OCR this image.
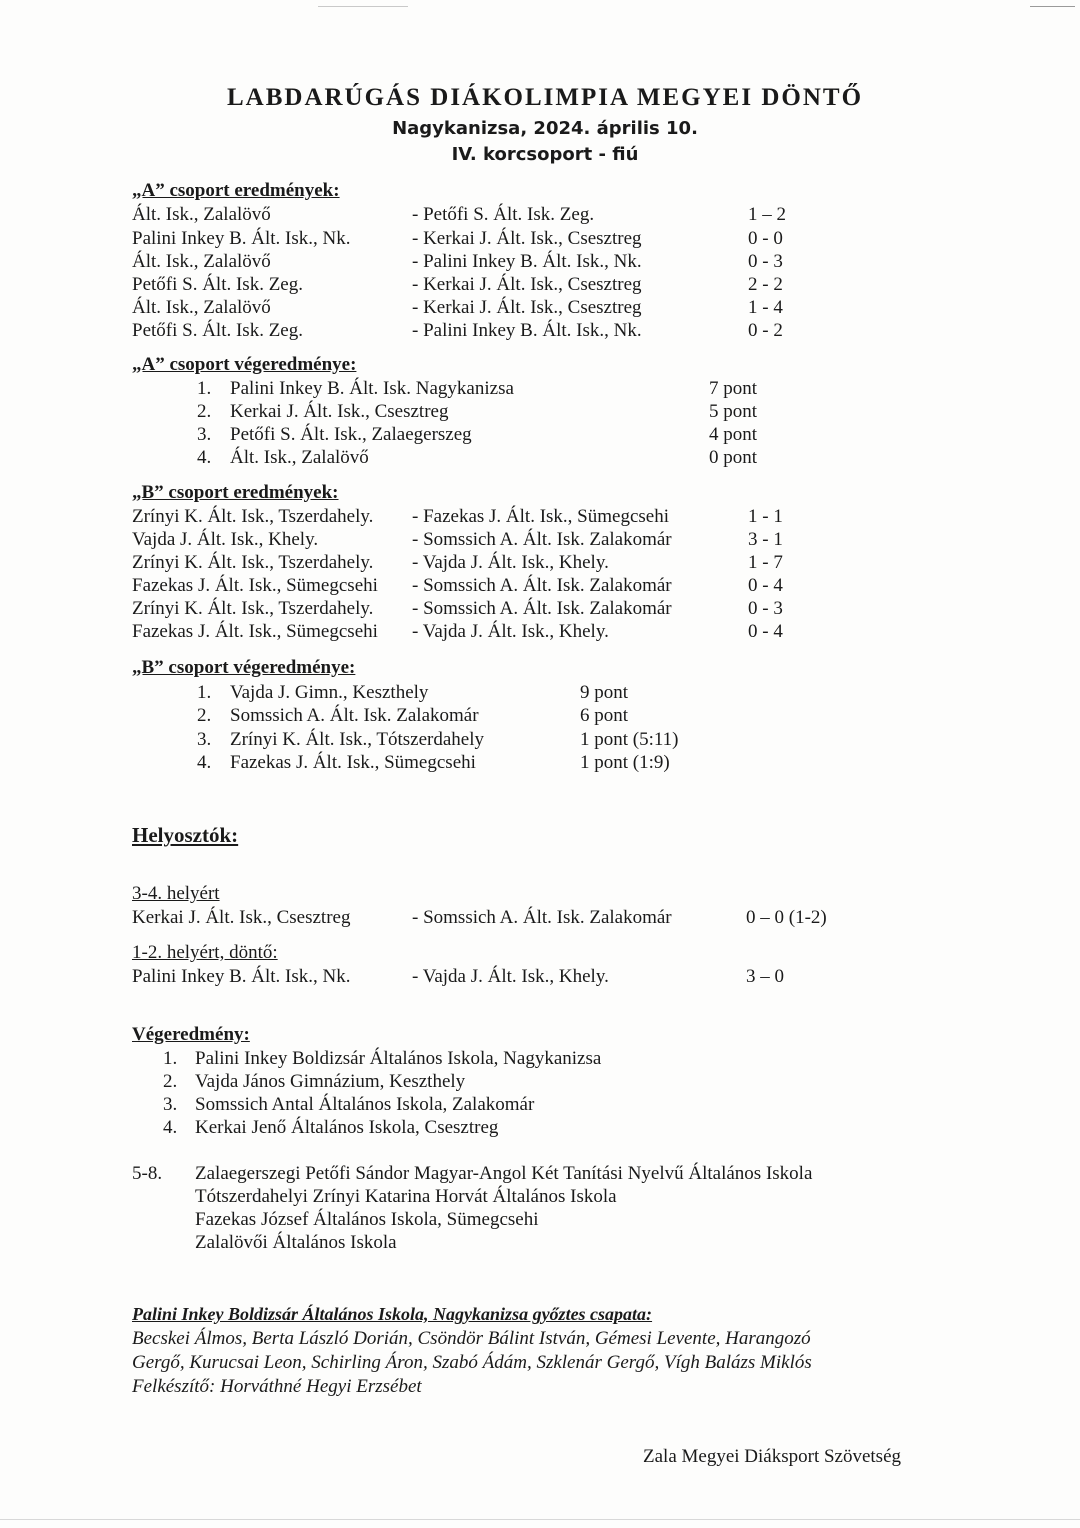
LABDARÚGÁS DIÁKOLIMPIA MEGYEI DÖNTŐ
Nagykanizsa, 2024. április 10.
IV. korcsoport - fiú
„A” csoport eredmények:
Ált. Isk., Zalalövő	- Petőfi S. Ált. Isk. Zeg.	1 – 2
Palini Inkey B. Ált. Isk., Nk.	- Kerkai J. Ált. Isk., Csesztreg	0 - 0
Ált. Isk., Zalalövő	- Palini Inkey B. Ált. Isk., Nk.	0 - 3
Petőfi S. Ált. Isk. Zeg.	- Kerkai J. Ált. Isk., Csesztreg	2 - 2
Ált. Isk., Zalalövő	- Kerkai J. Ált. Isk., Csesztreg	1 - 4
Petőfi S. Ált. Isk. Zeg.	- Palini Inkey B. Ált. Isk., Nk.	0 - 2
„A” csoport végeredménye:
1. Palini Inkey B. Ált. Isk. Nagykanizsa	7 pont
2. Kerkai J. Ált. Isk., Csesztreg	5 pont
3. Petőfi S. Ált. Isk., Zalaegerszeg	4 pont
4. Ált. Isk., Zalalövő	0 pont
„B” csoport eredmények:
Zrínyi K. Ált. Isk., Tszerdahely. - Fazekas J. Ált. Isk., Sümegcsehi	1 - 1
Vajda J. Ált. Isk., Khely.	- Somssich A. Ált. Isk. Zalakomár	3 - 1
Zrínyi K. Ált. Isk., Tszerdahely. - Vajda J. Ált. Isk., Khely.	1 - 7
Fazekas J. Ált. Isk., Sümegcsehi - Somssich A. Ált. Isk. Zalakomár	0 - 4
Zrínyi K. Ált. Isk., Tszerdahely. - Somssich A. Ált. Isk. Zalakomár	0 - 3
Fazekas J. Ált. Isk., Sümegcsehi - Vajda J. Ált. Isk., Khely.	0 - 4
„B” csoport végeredménye:
1. Vajda J. Gimn., Keszthely	9 pont
2. Somssich A. Ált. Isk. Zalakomár	6 pont
3. Zrínyi K. Ált. Isk., Tótszerdahely	1 pont (5:11)
4. Fazekas J. Ált. Isk., Sümegcsehi	1 pont (1:9)
Helyosztók:
3-4. helyért
Kerkai J. Ált. Isk., Csesztreg	- Somssich A. Ált. Isk. Zalakomár	0 – 0 (1-2)
1-2. helyért, döntő:
Palini Inkey B. Ált. Isk., Nk.	- Vajda J. Ált. Isk., Khely.	3 – 0
Végeredmény:
1. Palini Inkey Boldizsár Általános Iskola, Nagykanizsa
2. Vajda János Gimnázium, Keszthely
3. Somssich Antal Általános Iskola, Zalakomár
4. Kerkai Jenő Általános Iskola, Csesztreg
5-8. Zalaegerszegi Petőfi Sándor Magyar-Angol Két Tanítási Nyelvű Általános Iskola
Tótszerdahelyi Zrínyi Katarina Horvát Általános Iskola
Fazekas József Általános Iskola, Sümegcsehi
Zalalövői Általános Iskola
Palini Inkey Boldizsár Általános Iskola, Nagykanizsa győztes csapata:
Becskei Álmos, Berta László Dorián, Csöndör Bálint István, Gémesi Levente, Harangozó
Gergő, Kurucsai Leon, Schirling Áron, Szabó Ádám, Szklenár Gergő, Vígh Balázs Miklós
Felkészítő: Horváthné Hegyi Erzsébet
Zala Megyei Diáksport Szövetség
